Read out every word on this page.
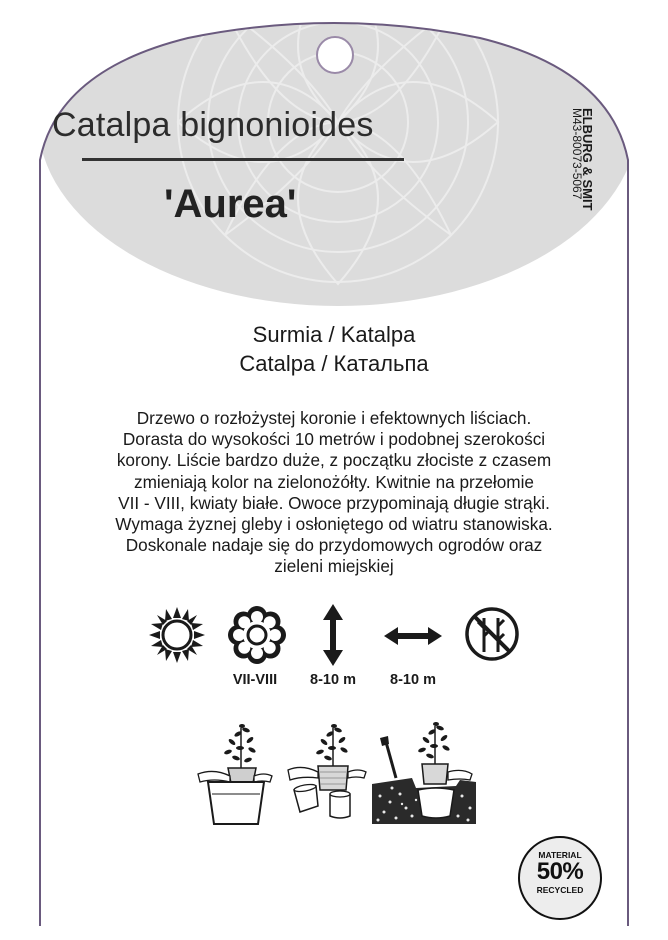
Catalpa bignonioides
'Aurea'
M43-80073-5067
ELBURG & SMIT
Surmia / Katalpa
Catalpa / Катальпа
Drzewo o rozłożystej koronie i efektownych liściach.
Dorasta do wysokości 10 metrów i podobnej szerokości
korony. Liście bardzo duże, z początku złociste z czasem
zmieniają kolor na zielonożółty. Kwitnie na przełomie
VII - VIII, kwiaty białe. Owoce przypominają długie strąki.
Wymaga żyznej gleby i osłoniętego od wiatru stanowiska.
Doskonale nadaje się do przydomowych ogrodów oraz
zieleni miejskiej
VII-VIII	8-10 m	8-10 m
MATERIAL
50%
RECYCLED
